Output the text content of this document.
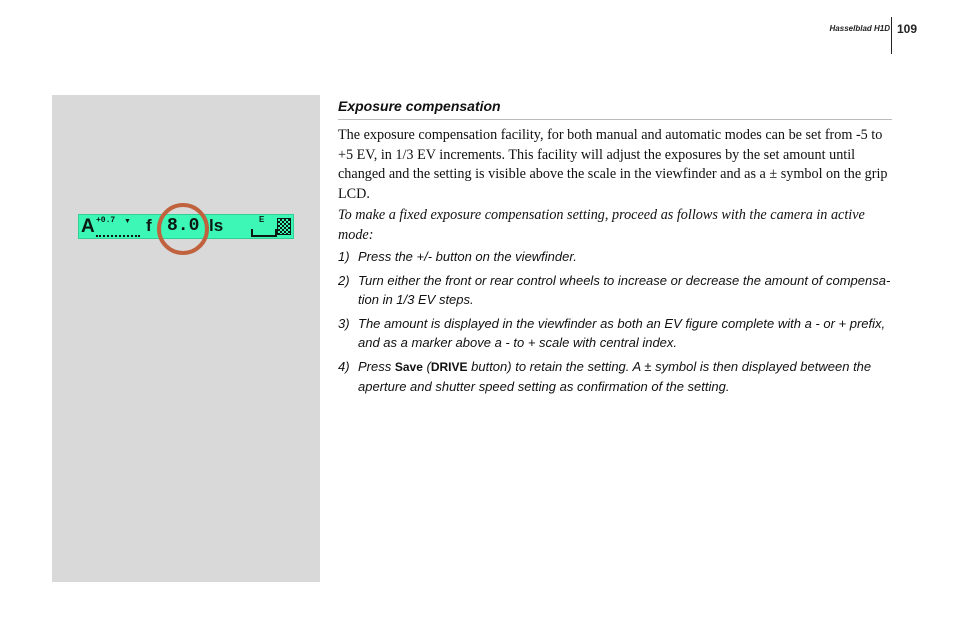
Hasselblad H1D 109
A +0.7 ▼ f 8.0 ls	E
Exposure compensation

The exposure compensation facility, for both manual and automatic modes can be set from -5 to +5 EV, in 1/3 EV increments. This facility will adjust the exposures by the set amount until changed and the setting is visible above the scale in the viewfinder and as a ± symbol on the grip LCD.

To make a fixed exposure compensation setting, proceed as follows with the camera in active mode:

1) Press the +/- button on the viewfinder.
2) Turn either the front or rear control wheels to increase or decrease the amount of compensa-tion in 1/3 EV steps.
3) The amount is displayed in the viewfinder as both an EV figure complete with a - or + prefix, and as a marker above a - to + scale with central index.
4) Press Save (DRIVE button) to retain the setting. A ± symbol is then displayed between the aperture and shutter speed setting as confirmation of the setting.
